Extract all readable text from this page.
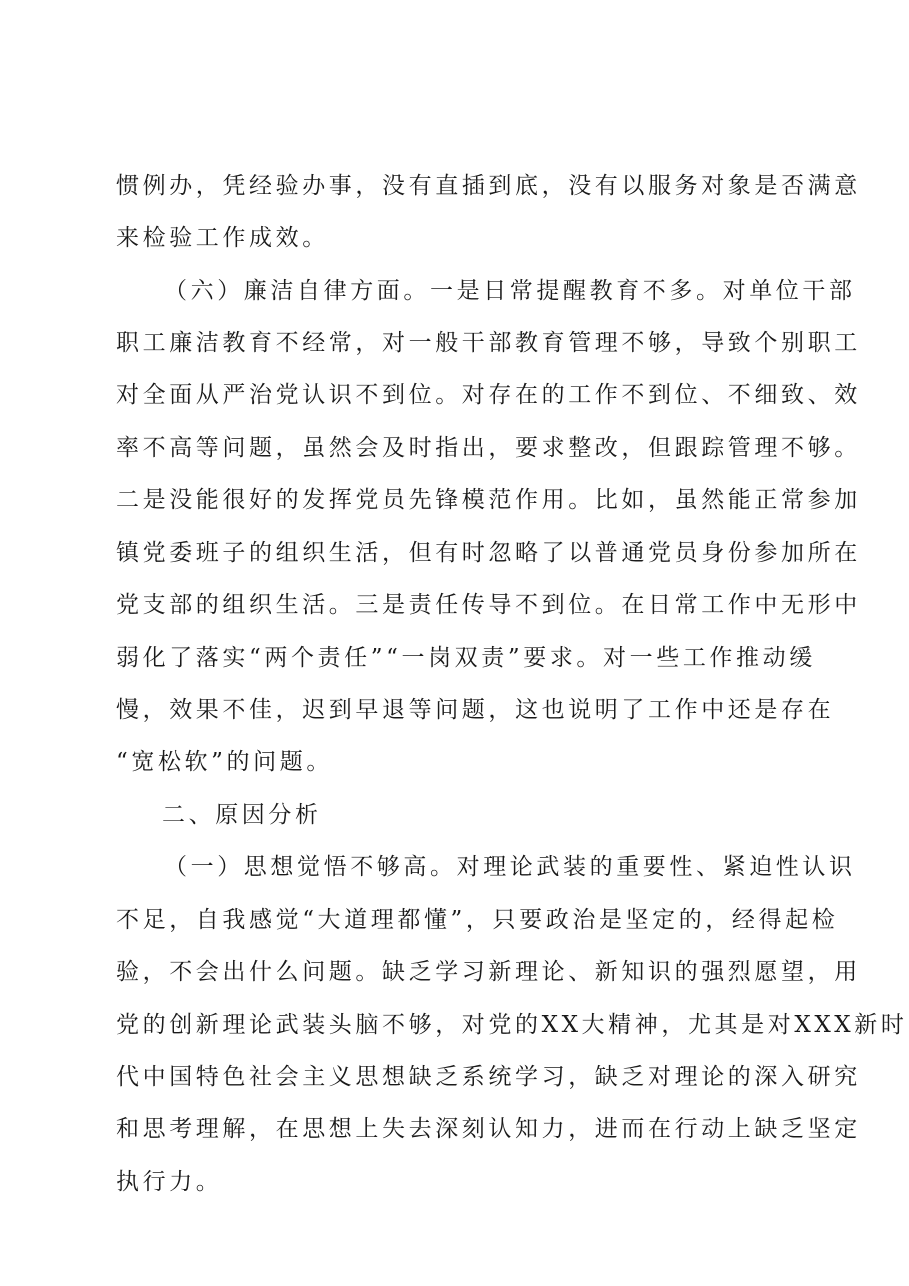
惯例办，凭经验办事，没有直插到底，没有以服务对象是否满意
来检验工作成效。
（六）廉洁自律方面。一是日常提醒教育不多。对单位干部
职工廉洁教育不经常，对一般干部教育管理不够，导致个别职工
对全面从严治党认识不到位。对存在的工作不到位、不细致、效
率不高等问题，虽然会及时指出，要求整改，但跟踪管理不够。
二是没能很好的发挥党员先锋模范作用。比如，虽然能正常参加
镇党委班子的组织生活，但有时忽略了以普通党员身份参加所在
党支部的组织生活。三是责任传导不到位。在日常工作中无形中
弱化了落实“两个责任”“一岗双责”要求。对一些工作推动缓
慢，效果不佳，迟到早退等问题，这也说明了工作中还是存在
“宽松软”的问题。
二、原因分析
（一）思想觉悟不够高。对理论武装的重要性、紧迫性认识
不足，自我感觉“大道理都懂”，只要政治是坚定的，经得起检
验，不会出什么问题。缺乏学习新理论、新知识的强烈愿望，用
党的创新理论武装头脑不够，对党的XX大精神，尤其是对XXX新时
代中国特色社会主义思想缺乏系统学习，缺乏对理论的深入研究
和思考理解，在思想上失去深刻认知力，进而在行动上缺乏坚定
执行力。
